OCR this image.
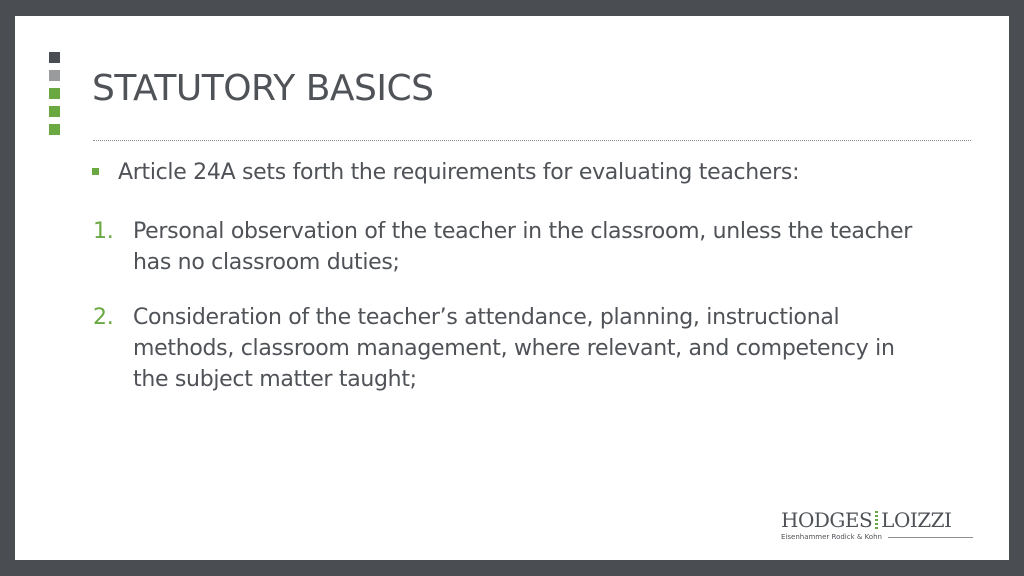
STATUTORY BASICS
Article 24A sets forth the requirements for evaluating teachers:
1. Personal observation of the teacher in the classroom, unless the teacher has no classroom duties;
2. Consideration of the teacher’s attendance, planning, instructional methods, classroom management, where relevant, and competency in the subject matter taught;
HODGES LOIZZI
Eisenhammer Rodick & Kohn
